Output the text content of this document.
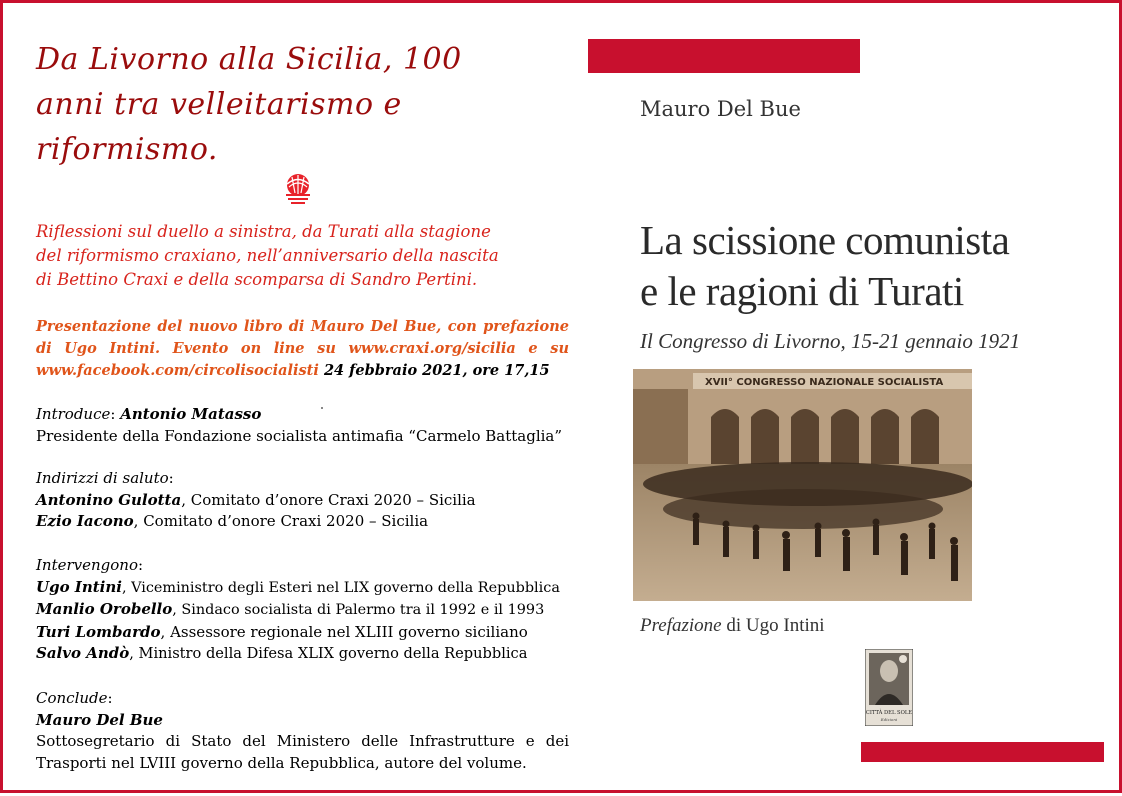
Da Livorno alla Sicilia, 100
anni tra velleitarismo e
riformismo.
Riflessioni sul duello a sinistra, da Turati alla stagione
del riformismo craxiano, nell’anniversario della nascita
di Bettino Craxi e della scomparsa di Sandro Pertini.
Presentazione del nuovo libro di Mauro Del Bue, con prefazione
di Ugo Intini. Evento on line su www.craxi.org/sicilia e su
www.facebook.com/circolisocialisti 24 febbraio 2021, ore 17,15
Introduce: Antonio Matasso
Presidente della Fondazione socialista antimafia “Carmelo Battaglia”
Indirizzi di saluto:
Antonino Gulotta, Comitato d’onore Craxi 2020 – Sicilia
Ezio Iacono, Comitato d’onore Craxi 2020 – Sicilia
Intervengono:
Ugo Intini, Viceministro degli Esteri nel LIX governo della Repubblica
Manlio Orobello, Sindaco socialista di Palermo tra il 1992 e il 1993
Turi Lombardo, Assessore regionale nel XLIII governo siciliano
Salvo Andò, Ministro della Difesa XLIX governo della Repubblica
Conclude:
Mauro Del Bue
Sottosegretario di Stato del Ministero delle Infrastrutture e dei
Trasporti nel LVIII governo della Repubblica, autore del volume.
Mauro Del Bue
La scissione comunista
e le ragioni di Turati
Il Congresso di Livorno, 15-21 gennaio 1921
XVII° CONGRESSO NAZIONALE SOCIALISTA
Prefazione di Ugo Intini
CITTÀ DEL SOLE
Edizioni
